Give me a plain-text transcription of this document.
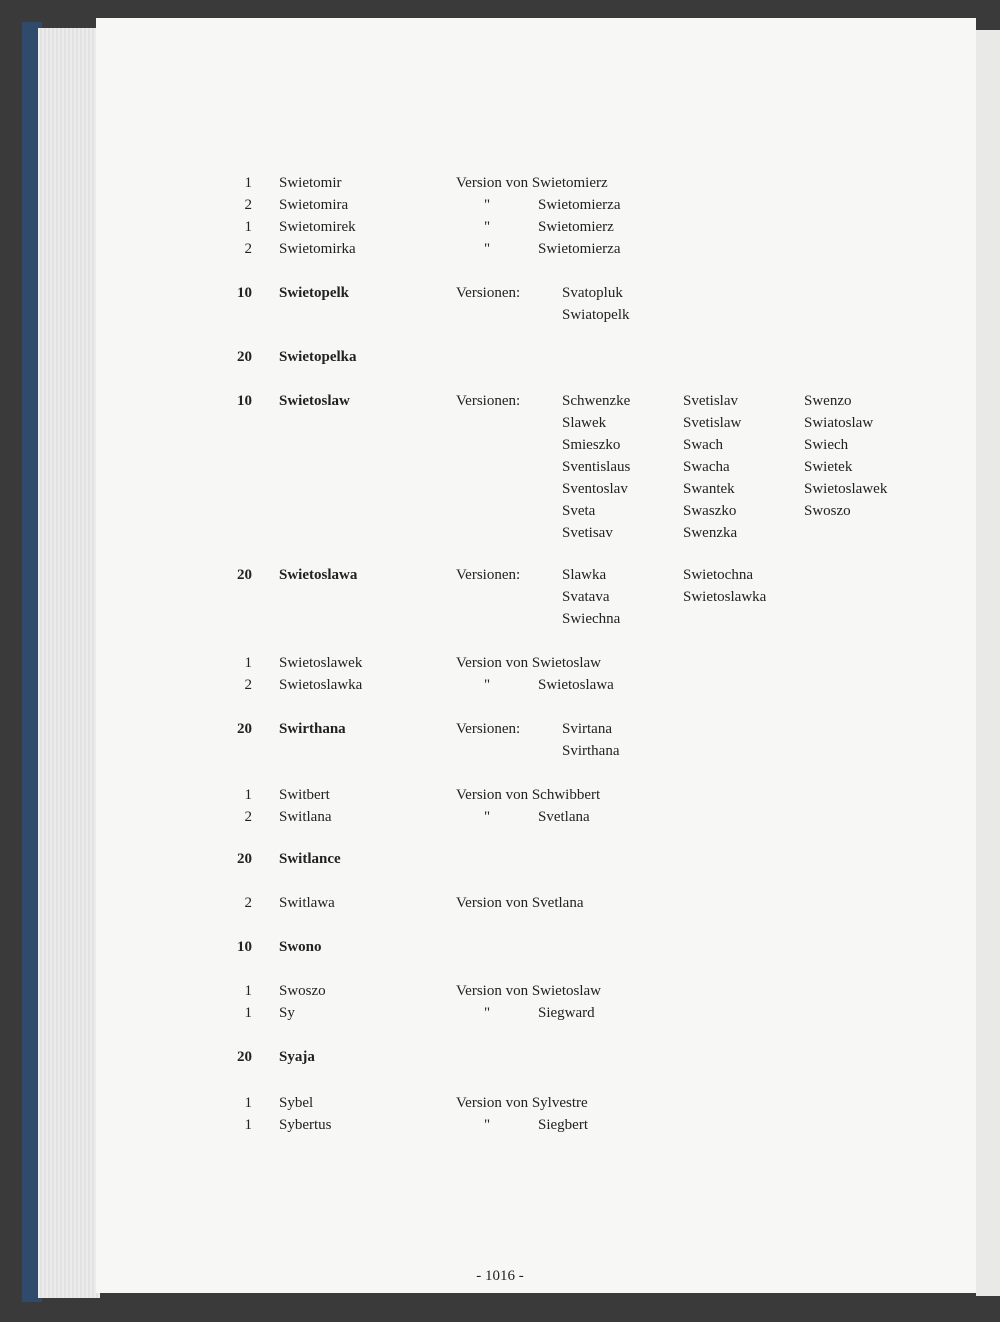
1 Swietomir	Version von Swietomierz
2 Swietomira	"	Swietomierza
1 Swietomirek	"	Swietomierz
2 Swietomirka	"	Swietomierza
10 Swietopelk	Versionen:	Svatopluk
Swiatopelk
20 Swietopelka
10 Swietoslaw	Versionen:	Schwenzke	Svetislav	Swenzo
Slawek	Svetislaw	Swiatoslaw
Smieszko	Swach	Swiech
Sventislaus	Swacha	Swietek
Sventoslav	Swantek	Swietoslawek
Sveta	Swaszko	Swoszo
Svetisav	Swenzka
20 Swietoslawa	Versionen:	Slawka	Swietochna
Svatava	Swietoslawka
Swiechna
1 Swietoslawek	Version von Swietoslaw
2 Swietoslawka	"	Swietoslawa
20 Swirthana	Versionen:	Svirtana
Svirthana
1 Switbert	Version von Schwibbert
2 Switlana	"	Svetlana
20 Switlance
2 Switlawa	Version von Svetlana
10 Swono
1 Swoszo	Version von Swietoslaw
1 Sy	"	Siegward
20 Syaja
1 Sybel	Version von Sylvestre
1 Sybertus	"	Siegbert
- 1016 -
